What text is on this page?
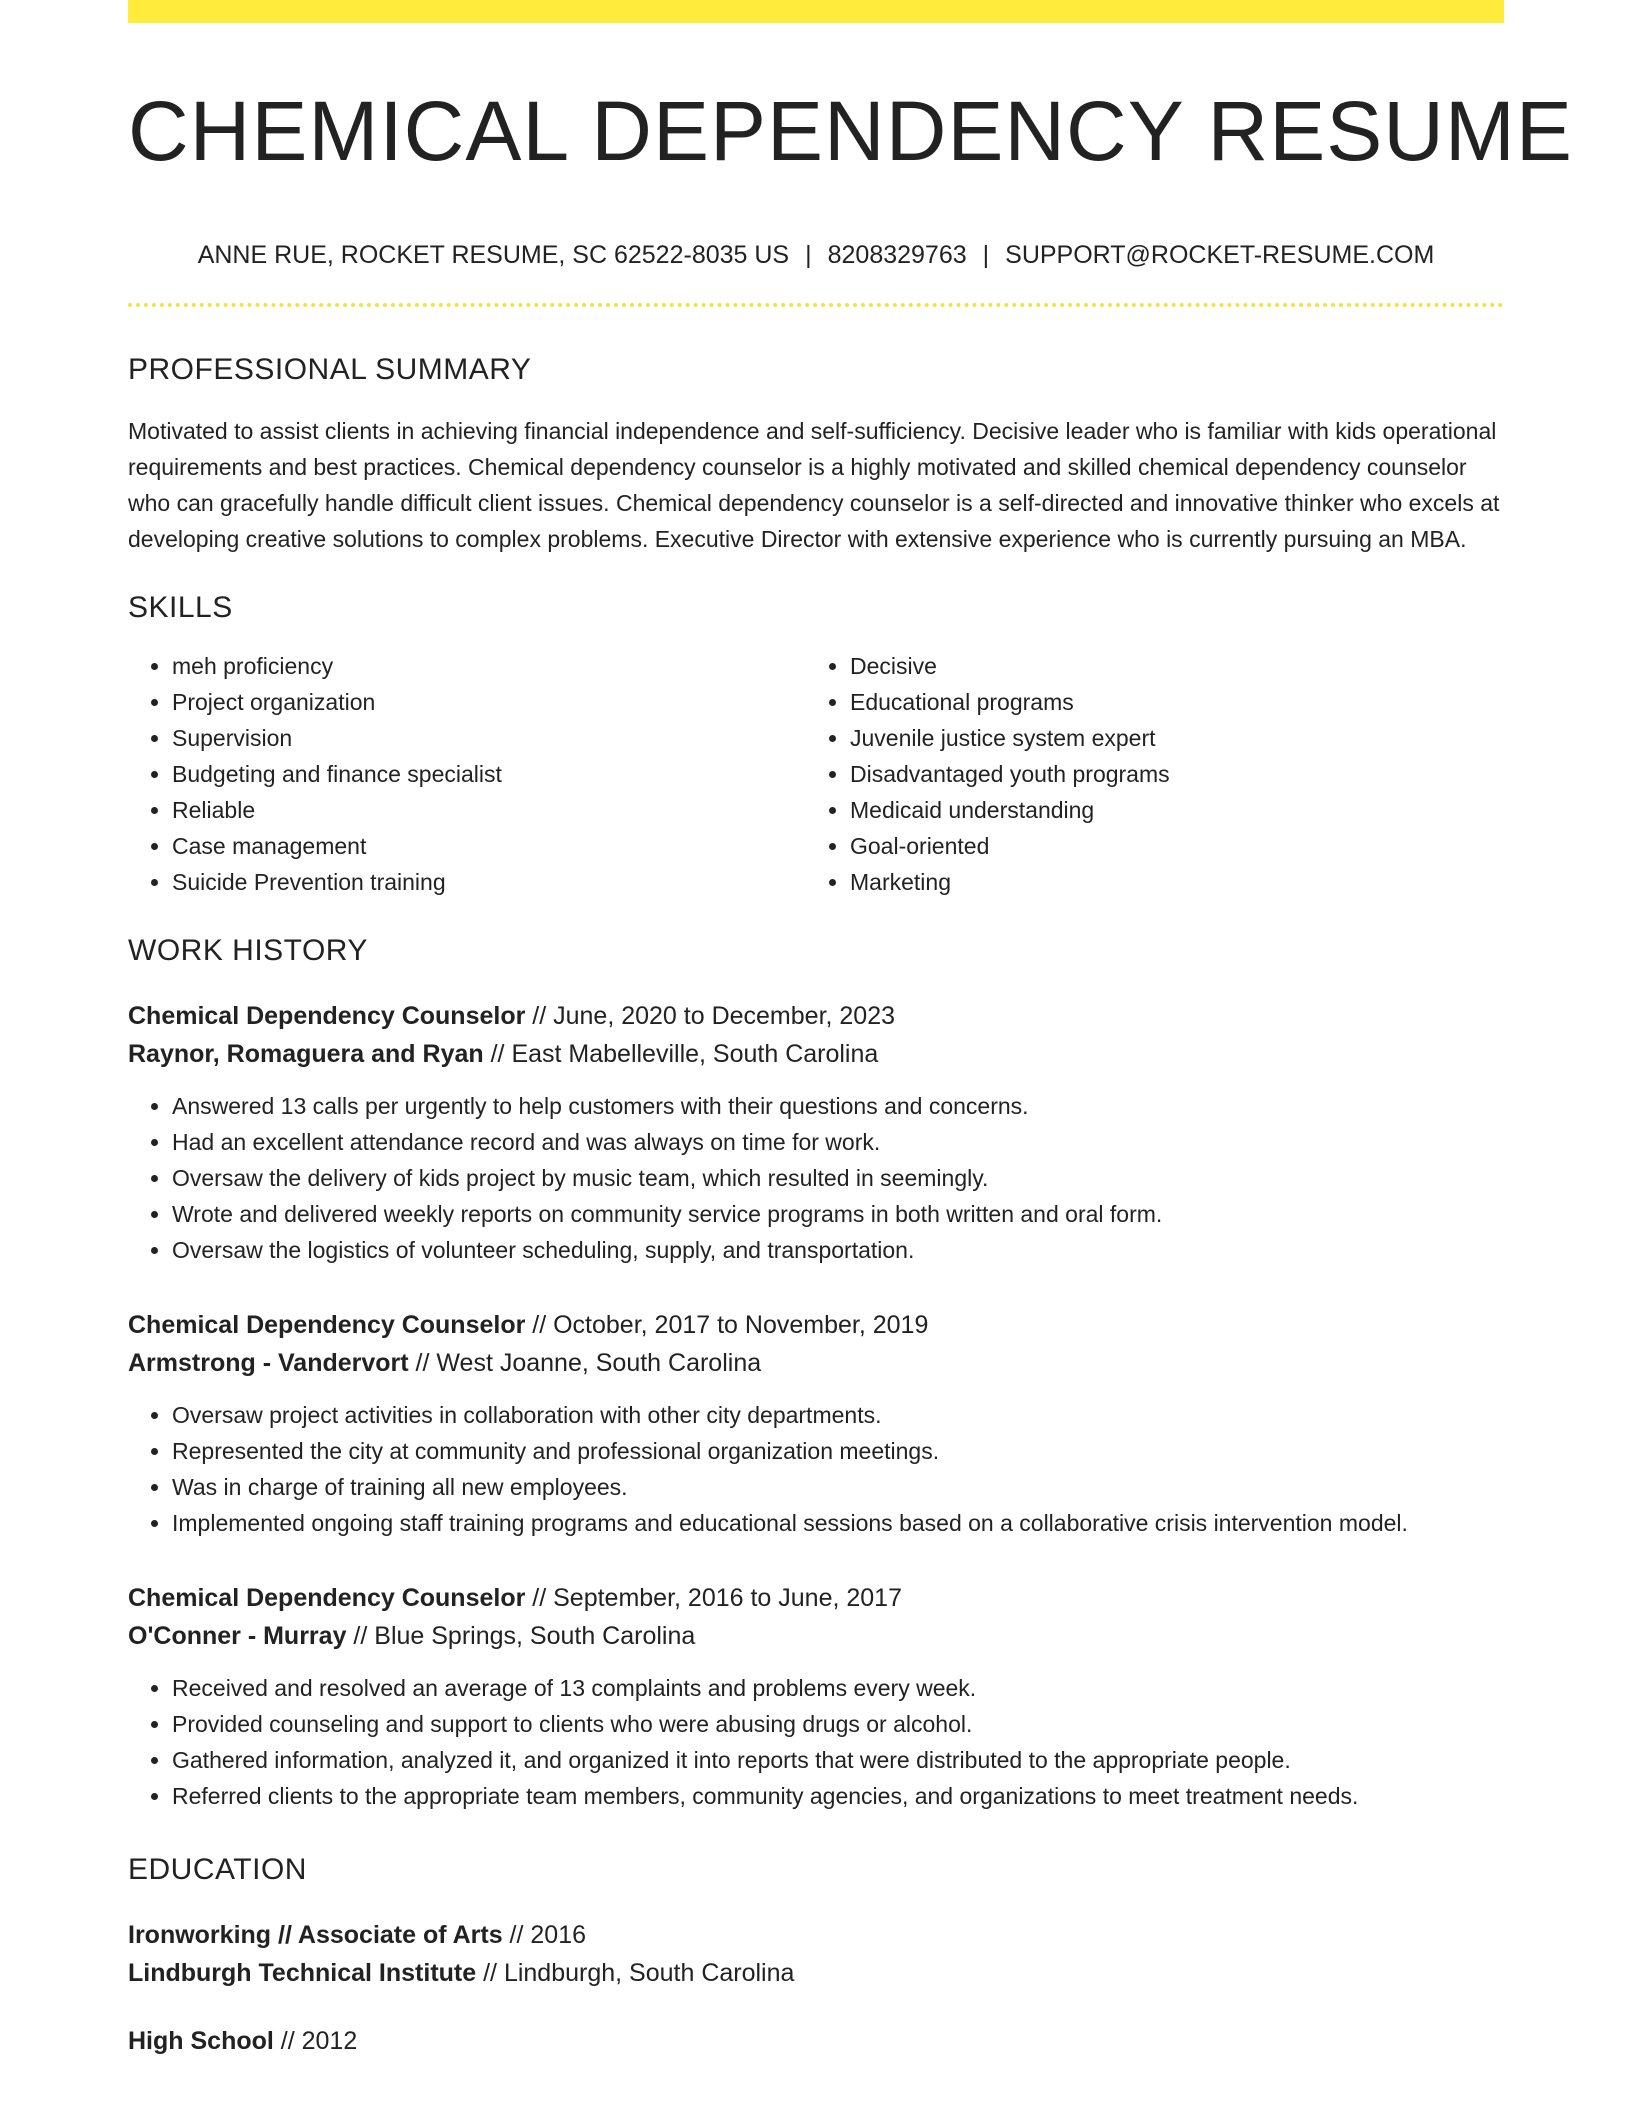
CHEMICAL DEPENDENCY RESUME
ANNE RUE, ROCKET RESUME, SC 62522-8035 US | 8208329763 | SUPPORT@ROCKET-RESUME.COM
PROFESSIONAL SUMMARY

Motivated to assist clients in achieving financial independence and self-sufficiency. Decisive leader who is familiar with kids operational requirements and best practices. Chemical dependency counselor is a highly motivated and skilled chemical dependency counselor who can gracefully handle difficult client issues. Chemical dependency counselor is a self-directed and innovative thinker who excels at developing creative solutions to complex problems. Executive Director with extensive experience who is currently pursuing an MBA.

SKILLS
• meh proficiency
• Project organization
• Supervision
• Budgeting and finance specialist
• Reliable
• Case management
• Suicide Prevention training
• Decisive
• Educational programs
• Juvenile justice system expert
• Disadvantaged youth programs
• Medicaid understanding
• Goal-oriented
• Marketing
WORK HISTORY
Chemical Dependency Counselor // June, 2020 to December, 2023
Raynor, Romaguera and Ryan // East Mabelleville, South Carolina
• Answered 13 calls per urgently to help customers with their questions and concerns.
• Had an excellent attendance record and was always on time for work.
• Oversaw the delivery of kids project by music team, which resulted in seemingly.
• Wrote and delivered weekly reports on community service programs in both written and oral form.
• Oversaw the logistics of volunteer scheduling, supply, and transportation.
Chemical Dependency Counselor // October, 2017 to November, 2019
Armstrong - Vandervort // West Joanne, South Carolina
• Oversaw project activities in collaboration with other city departments.
• Represented the city at community and professional organization meetings.
• Was in charge of training all new employees.
• Implemented ongoing staff training programs and educational sessions based on a collaborative crisis intervention model.
Chemical Dependency Counselor // September, 2016 to June, 2017
O'Conner - Murray // Blue Springs, South Carolina
• Received and resolved an average of 13 complaints and problems every week.
• Provided counseling and support to clients who were abusing drugs or alcohol.
• Gathered information, analyzed it, and organized it into reports that were distributed to the appropriate people.
• Referred clients to the appropriate team members, community agencies, and organizations to meet treatment needs.
EDUCATION
Ironworking // Associate of Arts // 2016
Lindburgh Technical Institute // Lindburgh, South Carolina
High School // 2012
